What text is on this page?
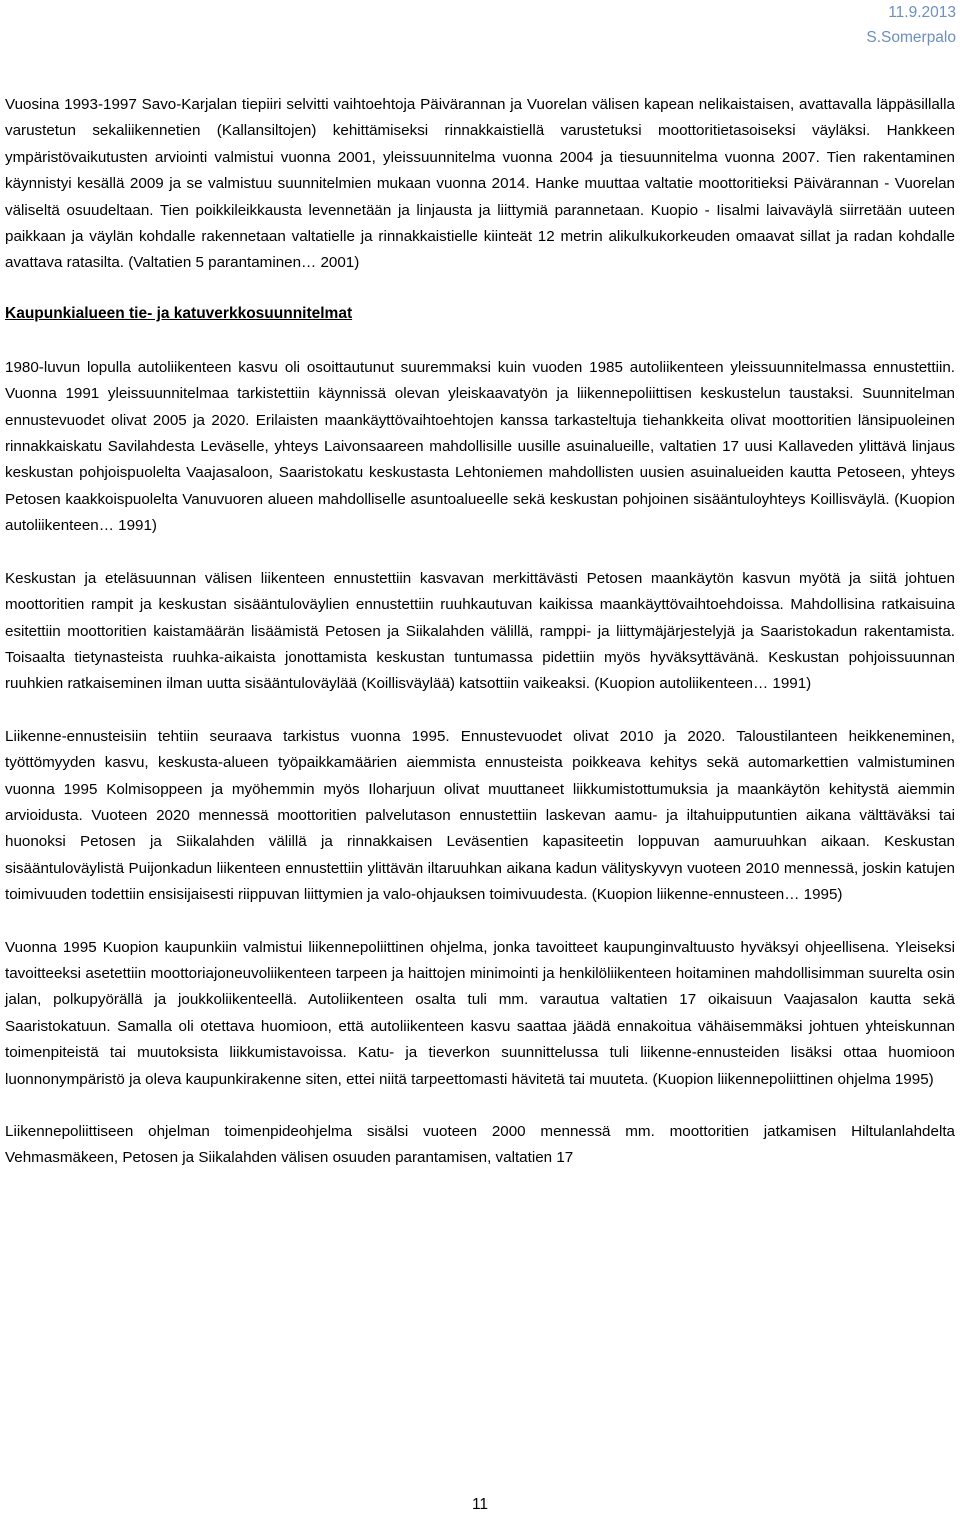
11.9.2013
S.Somerpalo

Vuosina 1993-1997 Savo-Karjalan tiepiiri selvitti vaihtoehtoja Päivärannan ja Vuorelan välisen kapean nelikaistaisen, avattavalla läppäsillalla varustetun sekaliikennetien (Kallansiltojen) kehittämiseksi rinnakkaistiellä varustetuksi moottoritietasoiseksi väyläksi. Hankkeen ympäristövaikutusten arviointi valmistui vuonna 2001, yleissuunnitelma vuonna 2004 ja tiesuunnitelma vuonna 2007. Tien rakentaminen käynnistyi kesällä 2009 ja se valmistuu suunnitelmien mukaan vuonna 2014. Hanke muuttaa valtatie moottoritieksi Päivärannan - Vuorelan väliseltä osuudeltaan. Tien poikkileikkausta levennetään ja linjausta ja liittymiä parannetaan. Kuopio - Iisalmi laivaväylä siirretään uuteen paikkaan ja väylän kohdalle rakennetaan valtatielle ja rinnakkaistielle kiinteät 12 metrin alikulkukorkeuden omaavat sillat ja radan kohdalle avattava ratasilta. (Valtatien 5 parantaminen… 2001)

Kaupunkialueen tie- ja katuverkkosuunnitelmat

1980-luvun lopulla autoliikenteen kasvu oli osoittautunut suuremmaksi kuin vuoden 1985 autoliikenteen yleissuunnitelmassa ennustettiin. Vuonna 1991 yleissuunnitelmaa tarkistettiin käynnissä olevan yleiskaavatyön ja liikennepoliittisen keskustelun taustaksi. Suunnitelman ennustevuodet olivat 2005 ja 2020. Erilaisten maankäyttövaihtoehtojen kanssa tarkasteltuja tiehankkeita olivat moottoritien länsipuoleinen rinnakkaiskatu Savilahdesta Leväselle, yhteys Laivonsaareen mahdollisille uusille asuinalueille, valtatien 17 uusi Kallaveden ylittävä linjaus keskustan pohjoispuolelta Vaajasaloon, Saaristokatu keskustasta Lehtoniemen mahdollisten uusien asuinalueiden kautta Petoseen, yhteys Petosen kaakkoispuolelta Vanuvuoren alueen mahdolliselle asuntoalueelle sekä keskustan pohjoinen sisääntuloyhteys Koillisväylä. (Kuopion autoliikenteen… 1991)

Keskustan ja eteläsuunnan välisen liikenteen ennustettiin kasvavan merkittävästi Petosen maankäytön kasvun myötä ja siitä johtuen moottoritien rampit ja keskustan sisääntuloväylien ennustettiin ruuhkautuvan kaikissa maankäyttövaihtoehdoissa. Mahdollisina ratkaisuina esitettiin moottoritien kaistamäärän lisäämistä Petosen ja Siikalahden välillä, ramppi- ja liittymäjärjestelyjä ja Saaristokadun rakentamista. Toisaalta tietynasteista ruuhka-aikaista jonottamista keskustan tuntumassa pidettiin myös hyväksyttävänä. Keskustan pohjoissuunnan ruuhkien ratkaiseminen ilman uutta sisääntuloväylää (Koillisväylää) katsottiin vaikeaksi. (Kuopion autoliikenteen… 1991)

Liikenne-ennusteisiin tehtiin seuraava tarkistus vuonna 1995. Ennustevuodet olivat 2010 ja 2020. Taloustilanteen heikkeneminen, työttömyyden kasvu, keskusta-alueen työpaikkamäärien aiemmista ennusteista poikkeava kehitys sekä automarkettien valmistuminen vuonna 1995 Kolmisoppeen ja myöhemmin myös Iloharjuun olivat muuttaneet liikkumistottumuksia ja maankäytön kehitystä aiemmin arvioidusta. Vuoteen 2020 mennessä moottoritien palvelutason ennustettiin laskevan aamu- ja iltahuipputuntien aikana välttäväksi tai huonoksi Petosen ja Siikalahden välillä ja rinnakkaisen Leväsentien kapasiteetin loppuvan aamuruuhkan aikaan. Keskustan sisääntuloväylistä Puijonkadun liikenteen ennustettiin ylittävän iltaruuhkan aikana kadun välityskyvyn vuoteen 2010 mennessä, joskin katujen toimivuuden todettiin ensisijaisesti riippuvan liittymien ja valo-ohjauksen toimivuudesta. (Kuopion liikenne-ennusteen… 1995)

Vuonna 1995 Kuopion kaupunkiin valmistui liikennepoliittinen ohjelma, jonka tavoitteet kaupunginvaltuusto hyväksyi ohjeellisena. Yleiseksi tavoitteeksi asetettiin moottoriajoneuvoliikenteen tarpeen ja haittojen minimointi ja henkilöliikenteen hoitaminen mahdollisimman suurelta osin jalan, polkupyörällä ja joukkoliikenteellä. Autoliikenteen osalta tuli mm. varautua valtatien 17 oikaisuun Vaajasalon kautta sekä Saaristokatuun. Samalla oli otettava huomioon, että autoliikenteen kasvu saattaa jäädä ennakoitua vähäisemmäksi johtuen yhteiskunnan toimenpiteistä tai muutoksista liikkumistavoissa. Katu- ja tieverkon suunnittelussa tuli liikenne-ennusteiden lisäksi ottaa huomioon luonnonympäristö ja oleva kaupunkirakenne siten, ettei niitä tarpeettomasti hävitetä tai muuteta. (Kuopion liikennepoliittinen ohjelma 1995)

Liikennepoliittiseen ohjelman toimenpideohjelma sisälsi vuoteen 2000 mennessä mm. moottoritien jatkamisen Hiltulanlahdelta Vehmasmäkeen, Petosen ja Siikalahden välisen osuuden parantamisen, valtatien 17

11
